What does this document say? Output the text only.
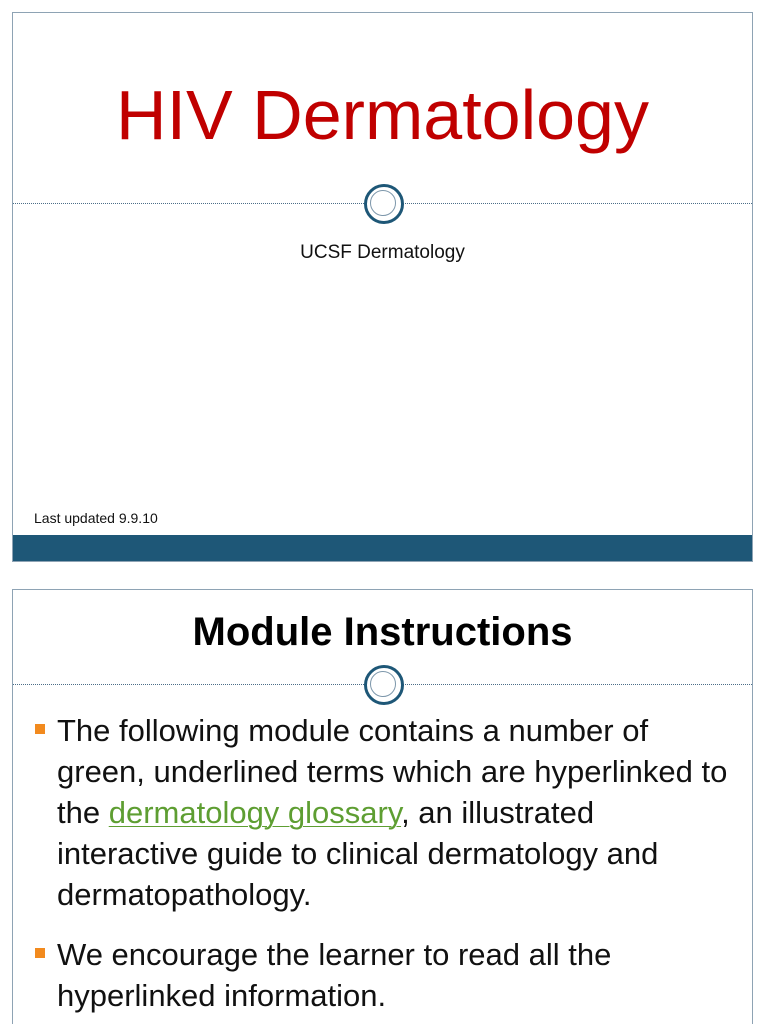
HIV Dermatology
UCSF Dermatology
Last updated 9.9.10
Module Instructions
The following module contains a number of green, underlined terms which are hyperlinked to the dermatology glossary, an illustrated interactive guide to clinical dermatology and dermatopathology.
We encourage the learner to read all the hyperlinked information.
